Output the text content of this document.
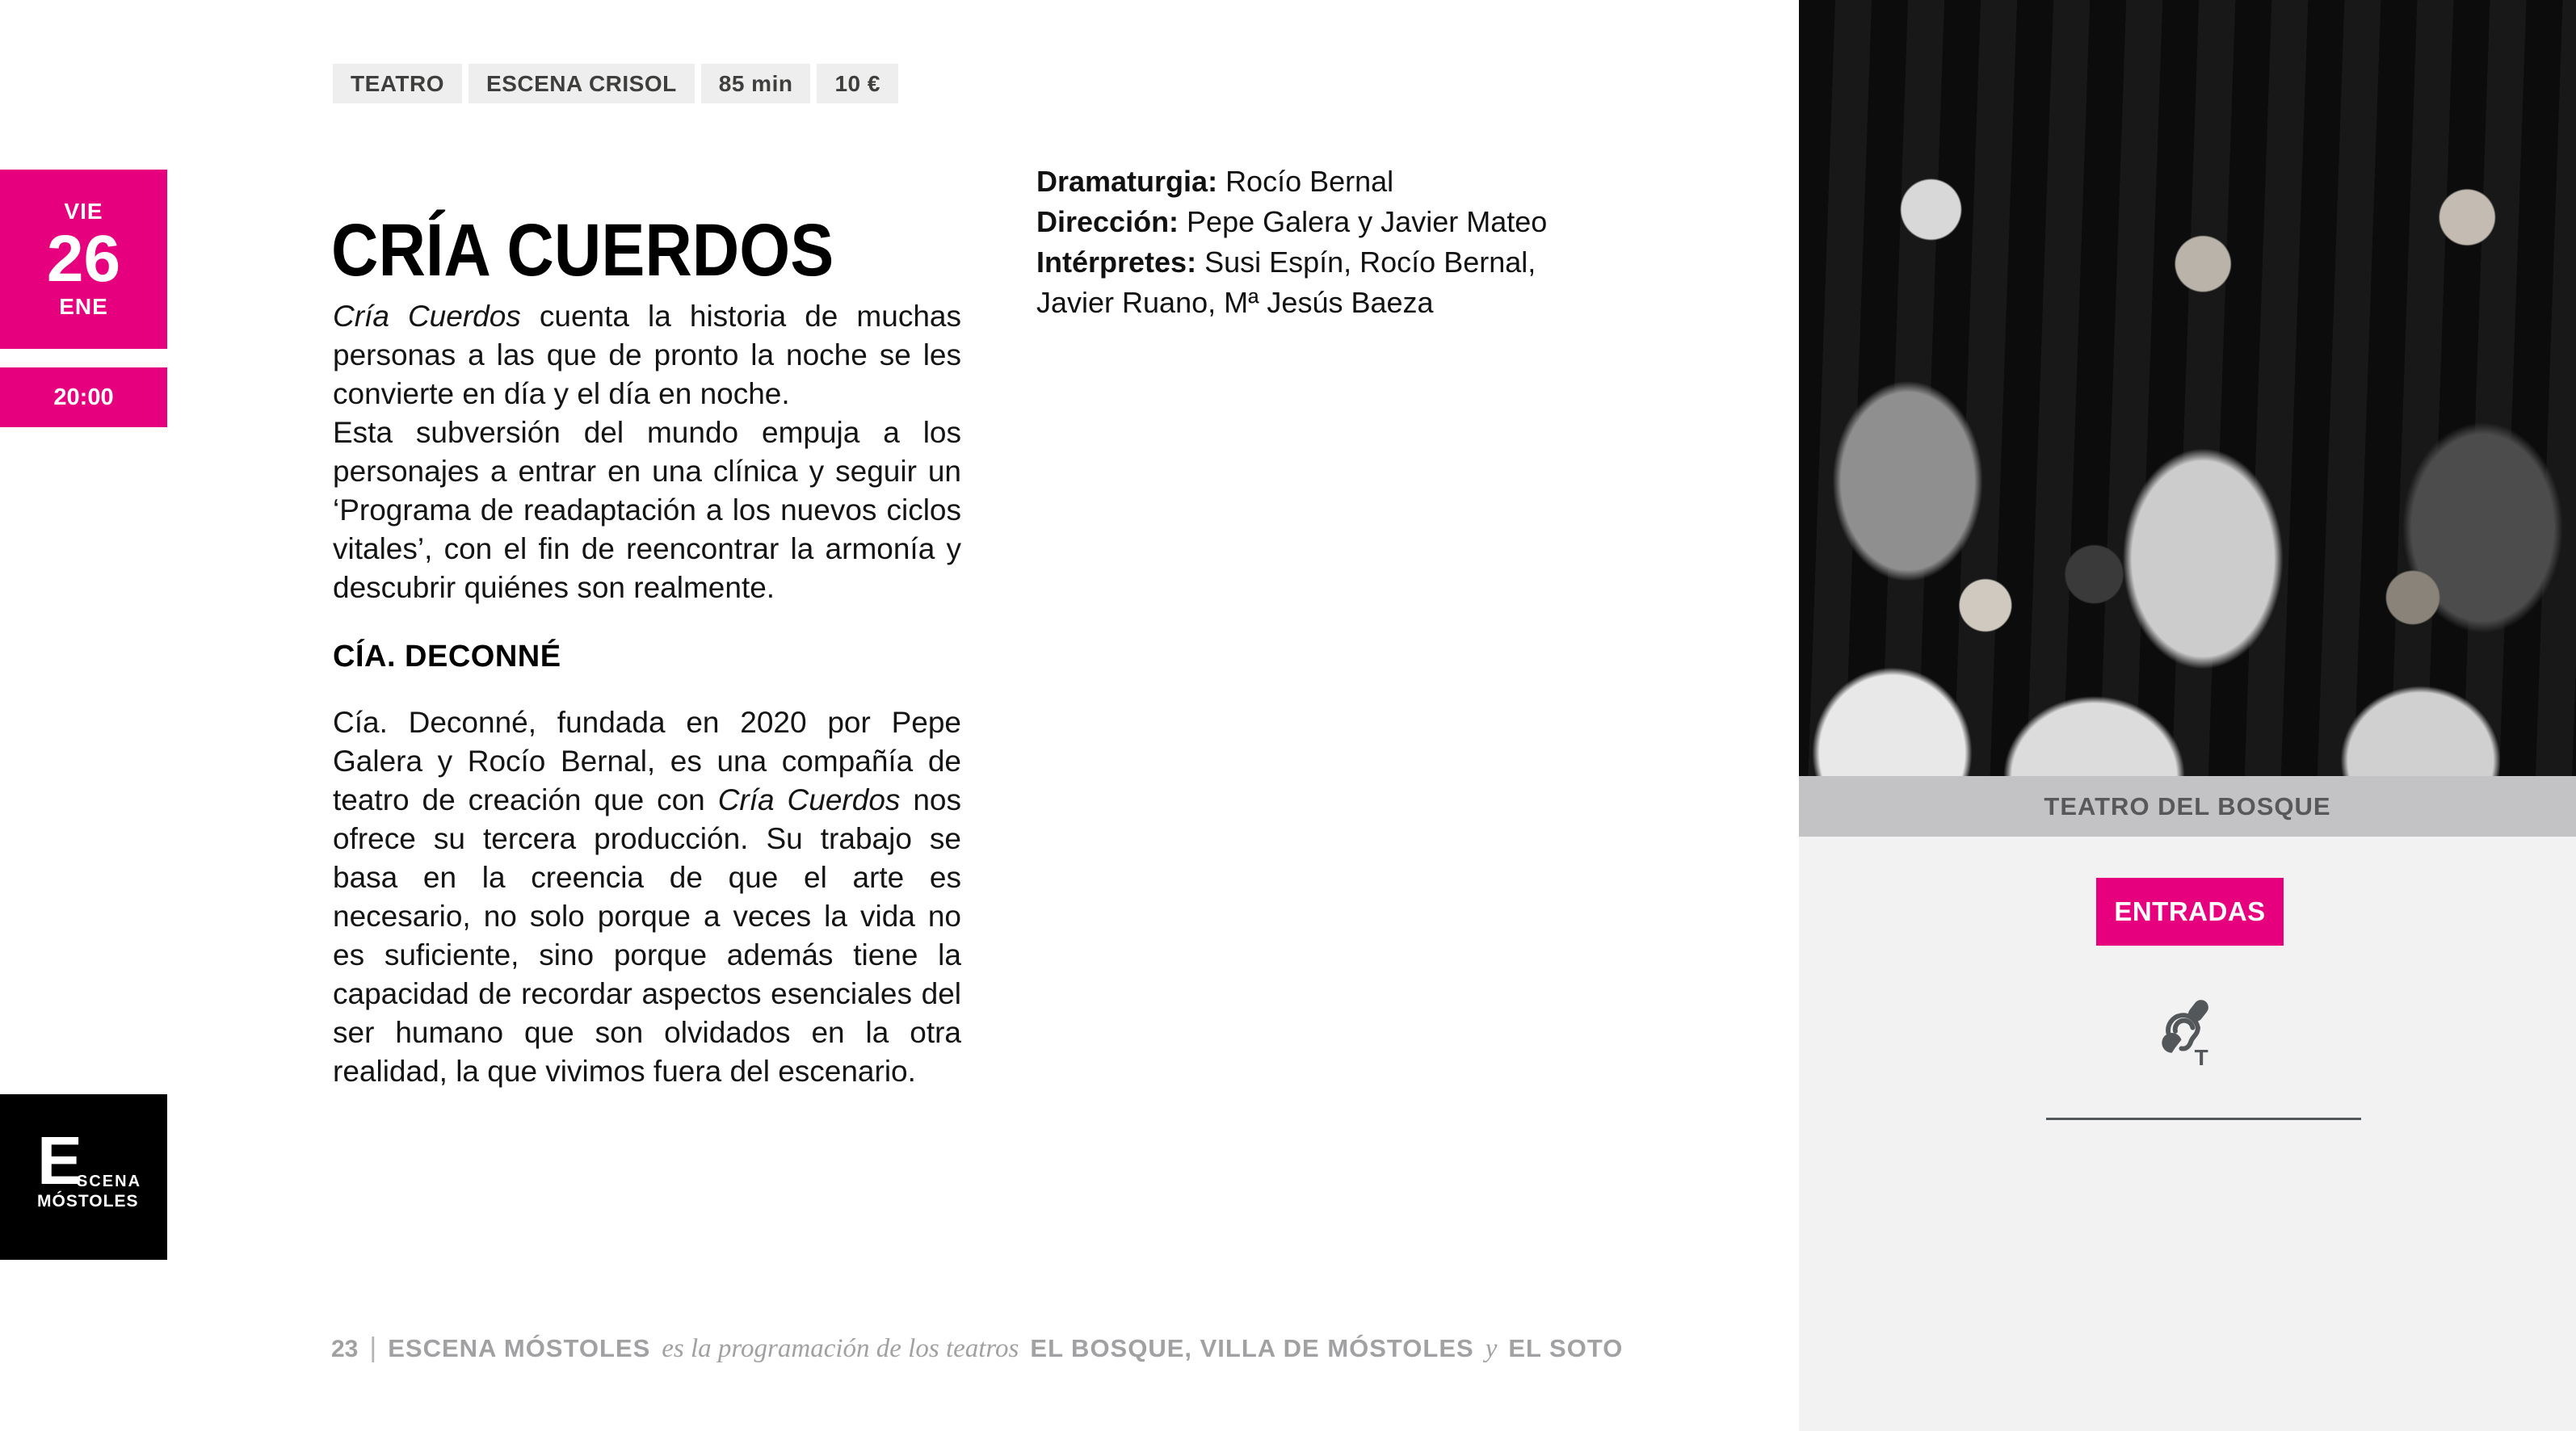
TEATRO	ESCENA CRISOL	85 min	10 €
VIE
26
ENE
20:00
E
SCENA
MÓSTOLES
CRÍA CUERDOS

Cría Cuerdos cuenta la historia de muchas personas a las que de pronto la noche se les convierte en día y el día en noche.

Esta subversión del mundo empuja a los personajes a entrar en una clínica y seguir un ‘Programa de readaptación a los nuevos ciclos vitales’, con el fin de reencontrar la armonía y descubrir quiénes son realmente.

CÍA. DECONNÉ

Cía. Deconné, fundada en 2020 por Pepe Galera y Rocío Bernal, es una compañía de teatro de creación que con Cría Cuerdos nos ofrece su tercera producción. Su trabajo se basa en la creencia de que el arte es necesario, no solo porque a veces la vida no es suficiente, sino porque además tiene la capacidad de recordar aspectos esenciales del ser humano que son olvidados en la otra realidad, la que vivimos fuera del escenario.

Dramaturgia: Rocío Bernal
Dirección: Pepe Galera y Javier Mateo
Intérpretes: Susi Espín, Rocío Bernal, Javier Ruano, Mª Jesús Baeza
23 | ESCENA MÓSTOLES es la programación de los teatros EL BOSQUE, VILLA DE MÓSTOLES y EL SOTO
TEATRO DEL BOSQUE
ENTRADAS
T
